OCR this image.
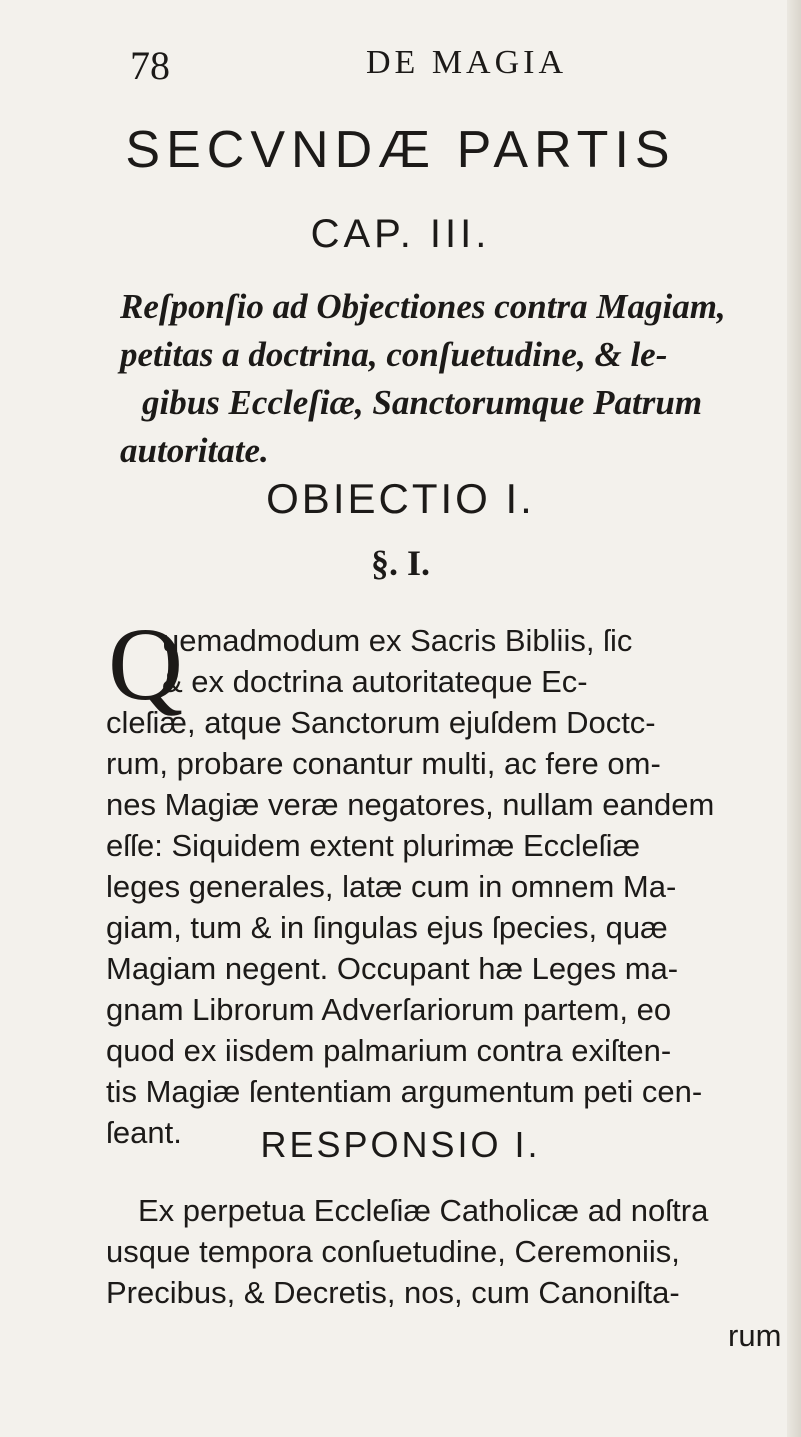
78	DE MAGIA
SECVNDÆ PARTIS
CAP. III.
Reſponſio ad Objectiones contra Magiam,
petitas a doctrina, conſuetudine, & le-
gibus Eccleſiæ, Sanctorumque Patrum
autoritate.
OBIECTIO I.
§. I.
Q
uemadmodum ex Sacris Bibliis, ſic
& ex doctrina autoritateque Ec-
cleſiæ, atque Sanctorum ejuſdem Doctc-
rum, probare conantur multi, ac fere om-
nes Magiæ veræ negatores, nullam eandem
eſſe: Siquidem extent plurimæ Eccleſiæ
leges generales, latæ cum in omnem Ma-
giam, tum & in ſingulas ejus ſpecies, quæ
Magiam negent. Occupant hæ Leges ma-
gnam Librorum Adverſariorum partem, eo
quod ex iisdem palmarium contra exiſten-
tis Magiæ ſententiam argumentum peti cen-
ſeant.	RESPONSIO I.
Ex perpetua Eccleſiæ Catholicæ ad noſtra
usque tempora conſuetudine, Ceremoniis,
Precibus, & Decretis, nos, cum Canoniſta-
rum
